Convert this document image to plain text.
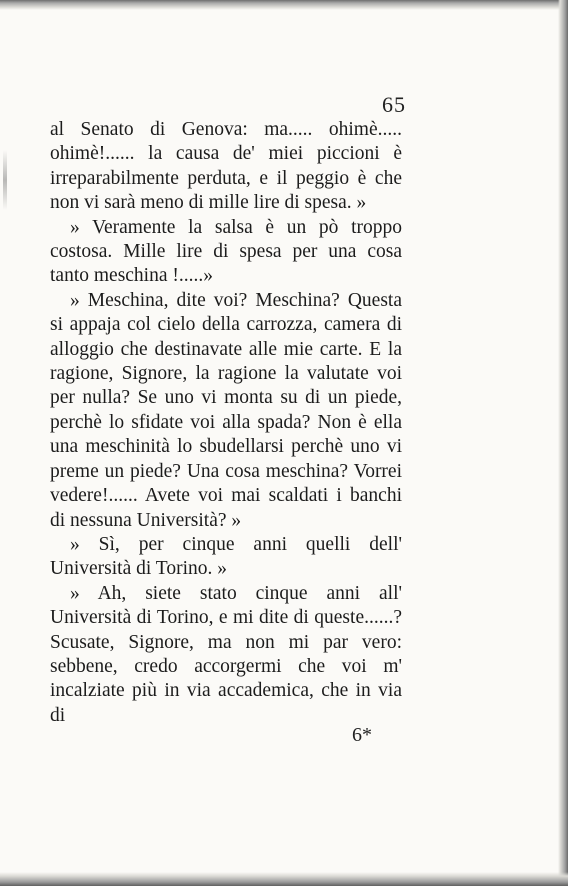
65

al Senato di Genova: ma..... ohimè..... ohimè!...... la causa de' miei piccioni è irreparabilmente perduta, e il peggio è che non vi sarà meno di mille lire di spesa. »

» Veramente la salsa è un pò troppo costosa. Mille lire di spesa per una cosa tanto meschina !.....»

» Meschina, dite voi? Meschina? Questa si appaja col cielo della carrozza, camera di alloggio che destinavate alle mie carte. E la ragione, Signore, la ragione la valutate voi per nulla? Se uno vi monta su di un piede, perchè lo sfidate voi alla spada? Non è ella una meschinità lo sbudellarsi perchè uno vi preme un piede? Una cosa meschina? Vorrei vedere!...... Avete voi mai scaldati i banchi di nessuna Università? »

» Sì, per cinque anni quelli dell' Università di Torino. »

» Ah, siete stato cinque anni all' Università di Torino, e mi dite di queste......? Scusate, Signore, ma non mi par vero: sebbene, credo accorgermi che voi m' incalziate più in via accademica, che in via di

6*
